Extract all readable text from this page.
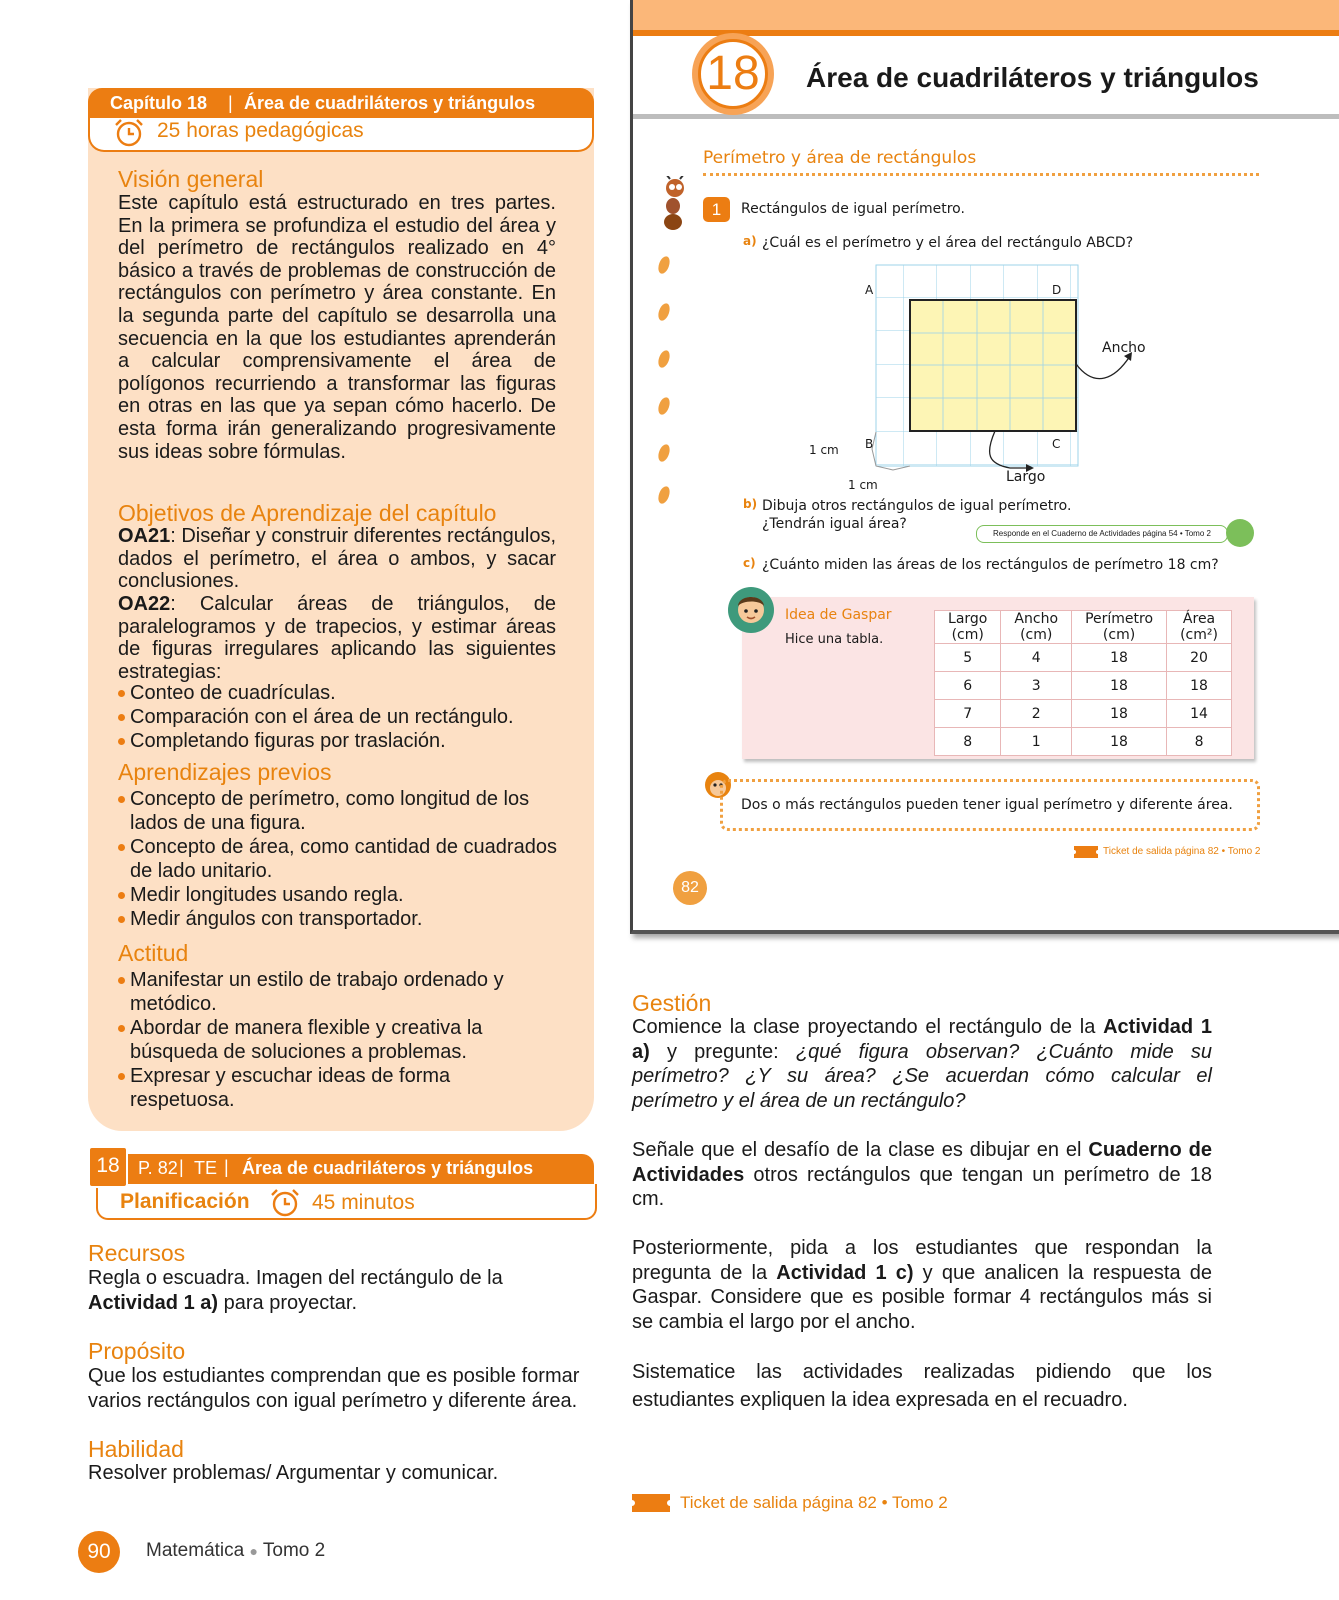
Capítulo 18 | Área de cuadriláteros y triángulos
25 horas pedagógicas
Visión general
Este capítulo está estructurado en tres partes. En la primera se profundiza el estudio del área y del perímetro de rectángulos realizado en 4° básico a través de problemas de construcción de rectángulos con perímetro y área constante. En la segunda parte del capítulo se desarrolla una secuencia en la que los estudiantes aprenderán a calcular comprensivamente el área de polígonos recurriendo a transformar las figuras en otras en las que ya sepan cómo hacerlo. De esta forma irán generalizando progresivamente sus ideas sobre fórmulas.
Objetivos de Aprendizaje del capítulo
OA21: Diseñar y construir diferentes rectángulos, dados el perímetro, el área o ambos, y sacar conclusiones.
OA22: Calcular áreas de triángulos, de paralelogramos y de trapecios, y estimar áreas de figuras irregulares aplicando las siguientes estrategias:
Conteo de cuadrículas.
Comparación con el área de un rectángulo.
Completando figuras por traslación.
Aprendizajes previos
Concepto de perímetro, como longitud de los lados de una figura.
Concepto de área, como cantidad de cuadrados de lado unitario.
Medir longitudes usando regla.
Medir ángulos con transportador.
Actitud
Manifestar un estilo de trabajo ordenado y metódico.
Abordar de manera flexible y creativa la búsqueda de soluciones a problemas.
Expresar y escuchar ideas de forma respetuosa.
18	P. 82 | TE | Área de cuadriláteros y triángulos
Planificación	45 minutos
Recursos
Regla o escuadra. Imagen del rectángulo de la Actividad 1 a) para proyectar.
Propósito
Que los estudiantes comprendan que es posible formar varios rectángulos con igual perímetro y diferente área.
Habilidad
Resolver problemas/ Argumentar y comunicar.
90	Matemática ● Tomo 2
18 Área de cuadriláteros y triángulos
Perímetro y área de rectángulos
1	Rectángulos de igual perímetro.
a) ¿Cuál es el perímetro y el área del rectángulo ABCD?
A	D
B	C
Ancho
Largo
1 cm
1 cm
b) Dibuja otros rectángulos de igual perímetro.
¿Tendrán igual área?
Responde en el Cuaderno de Actividades página 54 • Tomo 2
c) ¿Cuánto miden las áreas de los rectángulos de perímetro 18 cm?
Idea de Gaspar
Hice una tabla.
Largo (cm)	Ancho (cm)	Perímetro (cm)	Área (cm²)
5	4	18	20
6	3	18	18
7	2	18	14
8	1	18	8
Dos o más rectángulos pueden tener igual perímetro y diferente área.
Ticket de salida página 82 • Tomo 2
82
Gestión
Comience la clase proyectando el rectángulo de la Actividad 1 a) y pregunte: ¿qué figura observan? ¿Cuánto mide su perímetro? ¿Y su área? ¿Se acuerdan cómo calcular el perímetro y el área de un rectángulo?
Señale que el desafío de la clase es dibujar en el Cuaderno de Actividades otros rectángulos que tengan un perímetro de 18 cm.
Posteriormente, pida a los estudiantes que respondan la pregunta de la Actividad 1 c) y que analicen la respuesta de Gaspar. Considere que es posible formar 4 rectángulos más si se cambia el largo por el ancho.
Sistematice las actividades realizadas pidiendo que los estudiantes expliquen la idea expresada en el recuadro.
Ticket de salida página 82 • Tomo 2
